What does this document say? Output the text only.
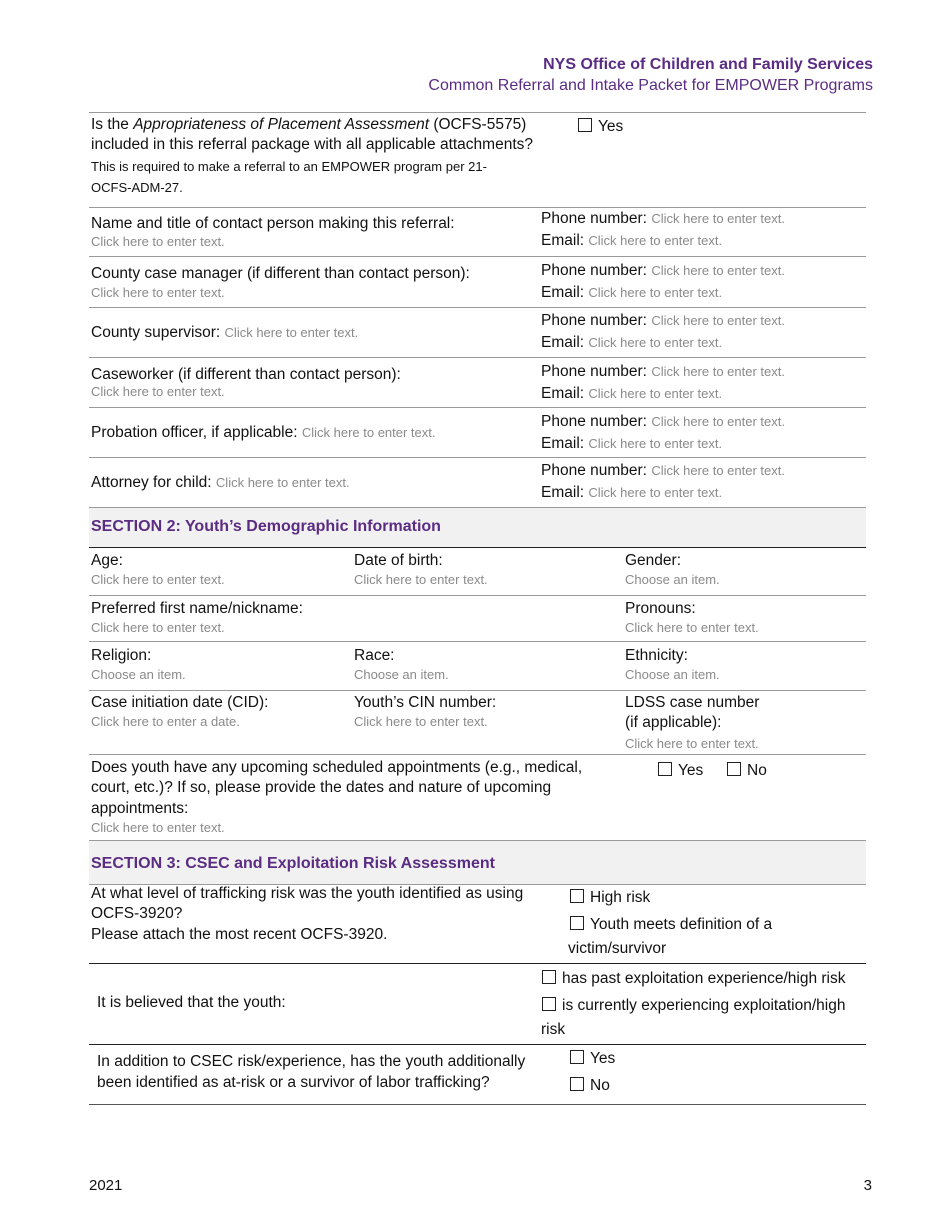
NYS Office of Children and Family Services
Common Referral and Intake Packet for EMPOWER Programs
Is the Appropriateness of Placement Assessment (OCFS-5575)
included in this referral package with all applicable attachments?
This is required to make a referral to an EMPOWER program per 21-
OCFS-ADM-27.
Yes
Name and title of contact person making this referral:
Click here to enter text.
Phone number: Click here to enter text.
Email: Click here to enter text.
County case manager (if different than contact person):
Click here to enter text.
Phone number: Click here to enter text.
Email: Click here to enter text.
County supervisor: Click here to enter text.
Phone number: Click here to enter text.
Email: Click here to enter text.
Caseworker (if different than contact person):
Click here to enter text.
Phone number: Click here to enter text.
Email: Click here to enter text.
Probation officer, if applicable: Click here to enter text.
Phone number: Click here to enter text.
Email: Click here to enter text.
Attorney for child: Click here to enter text.
Phone number: Click here to enter text.
Email: Click here to enter text.
SECTION 2: Youth’s Demographic Information
Age:
Click here to enter text.
Date of birth:
Click here to enter text.
Gender:
Choose an item.
Preferred first name/nickname:
Click here to enter text.
Pronouns:
Click here to enter text.
Religion:
Choose an item.
Race:
Choose an item.
Ethnicity:
Choose an item.
Case initiation date (CID):
Click here to enter a date.
Youth’s CIN number:
Click here to enter text.
LDSS case number
(if applicable):
Click here to enter text.
Does youth have any upcoming scheduled appointments (e.g., medical,
court, etc.)? If so, please provide the dates and nature of upcoming
appointments:
Click here to enter text.
Yes	No
SECTION 3: CSEC and Exploitation Risk Assessment
At what level of trafficking risk was the youth identified as using
OCFS-3920?
Please attach the most recent OCFS-3920.
High risk
Youth meets definition of a
victim/survivor
It is believed that the youth:
has past exploitation experience/high risk
is currently experiencing exploitation/high
risk
In addition to CSEC risk/experience, has the youth additionally
been identified as at-risk or a survivor of labor trafficking?
Yes
No
2021	3
